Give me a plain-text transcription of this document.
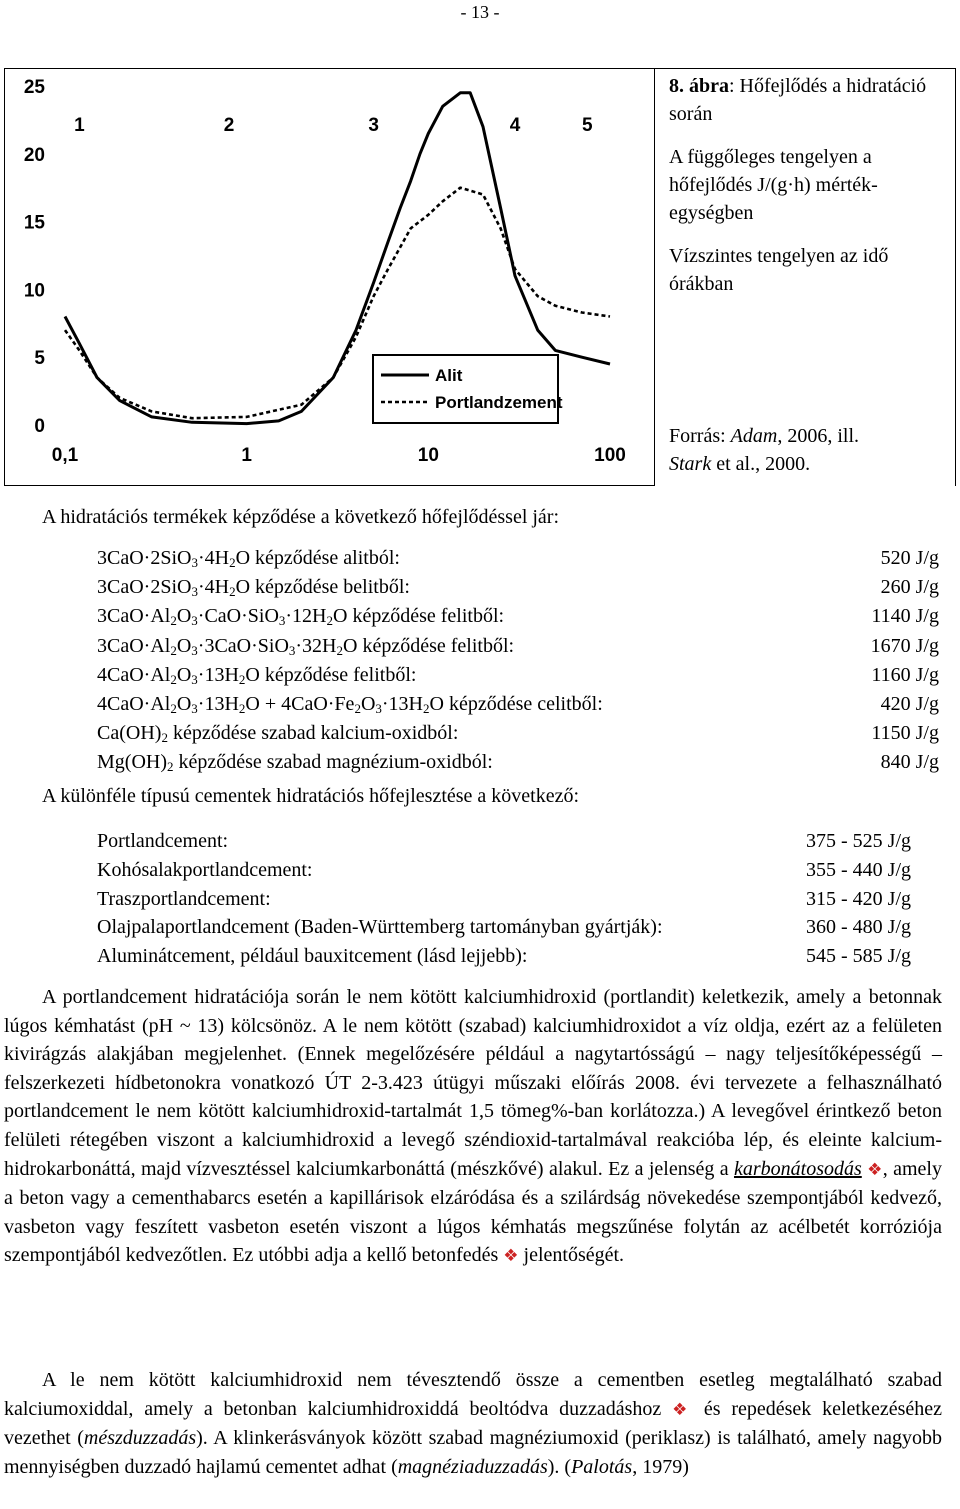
- 13 -
0
5
10
15
20
25
0,1	1	10	100
1	2	3	4	5
Alit
Portlandzement
8. ábra: Hőfejlődés a hidratáció során
A függőleges tengelyen a hőfejlődés J/(g·h) mérték-egységben
Vízszintes tengelyen az idő órákban
Forrás: Adam, 2006, ill.
Stark et al., 2000.
A hidratációs termékek képződése a következő hőfejlődéssel jár:
$3CaO\cdot 2SiO_3\cdot 4H_2O$ képződése alitból:	520 J/g
$3CaO\cdot 2SiO_3\cdot 4H_2O$ képződése belitből:	260 J/g
$3CaO\cdot Al_2O_3\cdot CaO\cdot SiO_3\cdot 12H_2O$ képződése felitből:	1140 J/g
$3CaO\cdot Al_2O_3\cdot 3CaO\cdot SiO_3\cdot 32H_2O$ képződése felitből:	1670 J/g
$4CaO\cdot Al_2O_3\cdot 13H_2O$ képződése felitből:	1160 J/g
$4CaO\cdot Al_2O_3\cdot 13H_2O + 4CaO\cdot Fe_2O_3\cdot 13H_2O$ képződése celitből:	420 J/g
$Ca(OH)_2$ képződése szabad kalcium-oxidból:	1150 J/g
$Mg(OH)_2$ képződése szabad magnézium-oxidból:	840 J/g
A különféle típusú cementek hidratációs hőfejlesztése a következő:
Portlandcement:	375 - 525 J/g
Kohósalakportlandcement:	355 - 440 J/g
Traszportlandcement:	315 - 420 J/g
Olajpalaportlandcement (Baden-Württemberg tartományban gyártják):	360 - 480 J/g
Aluminátcement, például bauxitcement (lásd lejjebb):	545 - 585 J/g

A portlandcement hidratációja során le nem kötött kalciumhidroxid (portlandit) keletkezik, amely a betonnak lúgos kémhatást (pH ~ 13) kölcsönöz. A le nem kötött (szabad) kalciumhidroxidot a víz oldja, ezért az a felületen kivirágzás alakjában megjelenhet. (Ennek megelőzésére például a nagytartósságú – nagy teljesítőképességű – felszerkezeti hídbetonokra vonatkozó ÚT 2-3.423 útügyi műszaki előírás 2008. évi tervezete a felhasználható portlandcement le nem kötött kalciumhidroxid-tartalmát 1,5 tömeg%-ban korlátozza.) A levegővel érintkező beton felületi rétegében viszont a kalciumhidroxid a levegő széndioxid-tartalmával reakcióba lép, és eleinte kalcium-hidrokarbonáttá, majd vízvesztéssel kalciumkarbonáttá (mészkővé) alakul. Ez a jelenség a karbonátosodás ❖, amely a beton vagy a cementhabarcs esetén a kapillárisok elzáródása és a szilárdság növekedése szempontjából kedvező, vasbeton vagy feszített vasbeton esetén viszont a lúgos kémhatás megszűnése folytán az acélbetét korróziója szempontjából kedvezőtlen. Ez utóbbi adja a kellő betonfedés ❖ jelentőségét.

A le nem kötött kalciumhidroxid nem tévesztendő össze a cementben esetleg megtalálható szabad kalciumoxiddal, amely a betonban kalciumhidroxiddá beoltódva duzzadáshoz ❖ és repedések keletkezéséhez vezethet (mészduzzadás). A klinkerásványok között szabad magnéziumoxid (periklasz) is található, amely nagyobb mennyiségben duzzadó hajlamú cementet adhat (magnéziaduzzadás). (Palotás, 1979)
